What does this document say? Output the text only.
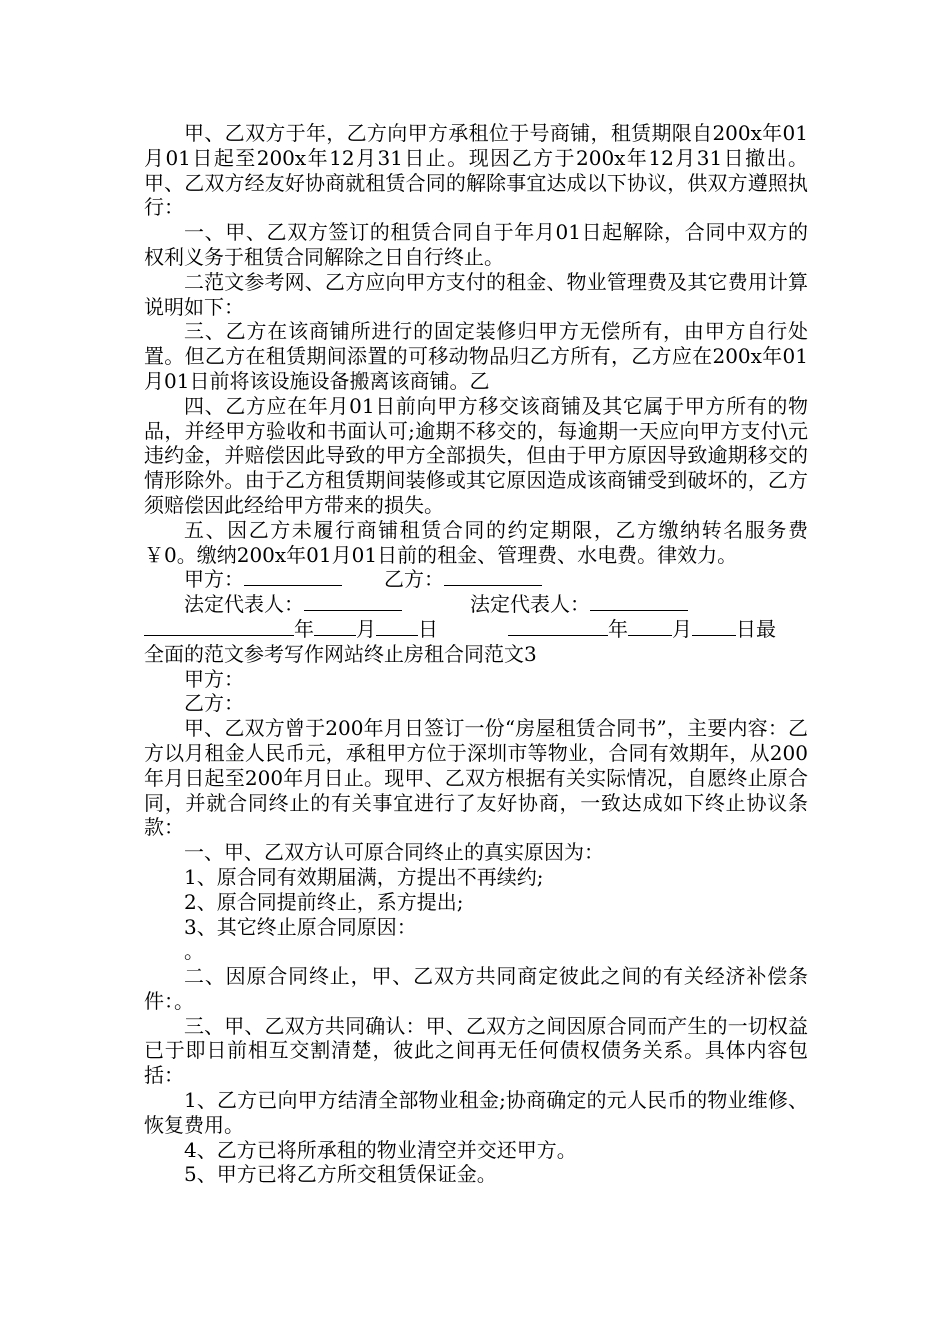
甲、乙双方于年，乙方向甲方承租位于号商铺，租赁期限自200x年01月01日起至200x年12月31日止。现因乙方于200x年12月31日撤出。甲、乙双方经友好协商就租赁合同的解除事宜达成以下协议，供双方遵照执行：

一、甲、乙双方签订的租赁合同自于年月01日起解除，合同中双方的权利义务于租赁合同解除之日自行终止。

二范文参考网、乙方应向甲方支付的租金、物业管理费及其它费用计算说明如下：

三、乙方在该商铺所进行的固定装修归甲方无偿所有，由甲方自行处置。但乙方在租赁期间添置的可移动物品归乙方所有，乙方应在200x年01月01日前将该设施设备搬离该商铺。乙

四、乙方应在年月01日前向甲方移交该商铺及其它属于甲方所有的物品，并经甲方验收和书面认可;逾期不移交的，每逾期一天应向甲方支付\元违约金，并赔偿因此导致的甲方全部损失，但由于甲方原因导致逾期移交的情形除外。由于乙方租赁期间装修或其它原因造成该商铺受到破坏的，乙方须赔偿因此经给甲方带来的损失。

五、因乙方未履行商铺租赁合同的约定期限，乙方缴纳转名服务费￥0。缴纳200x年01月01日前的租金、管理费、水电费。律效力。

甲方：	乙方：
法定代表人：	法定代表人：
年 月 日	年 月 日最
全面的范文参考写作网站终止房租合同范文3
甲方：
乙方：

甲、乙双方曾于200年月日签订一份“房屋租赁合同书”，主要内容：乙方以月租金人民币元，承租甲方位于深圳市等物业，合同有效期年，从200年月日起至200年月日止。现甲、乙双方根据有关实际情况，自愿终止原合同，并就合同终止的有关事宜进行了友好协商，一致达成如下终止协议条款：

一、甲、乙双方认可原合同终止的真实原因为：

1、原合同有效期届满，方提出不再续约;

2、原合同提前终止，系方提出;

3、其它终止原合同原因：

。

二、因原合同终止，甲、乙双方共同商定彼此之间的有关经济补偿条件：。

三、甲、乙双方共同确认：甲、乙双方之间因原合同而产生的一切权益已于即日前相互交割清楚，彼此之间再无任何债权债务关系。具体内容包括：

1、乙方已向甲方结清全部物业租金;协商确定的元人民币的物业维修、恢复费用。

4、乙方已将所承租的物业清空并交还甲方。

5、甲方已将乙方所交租赁保证金。
